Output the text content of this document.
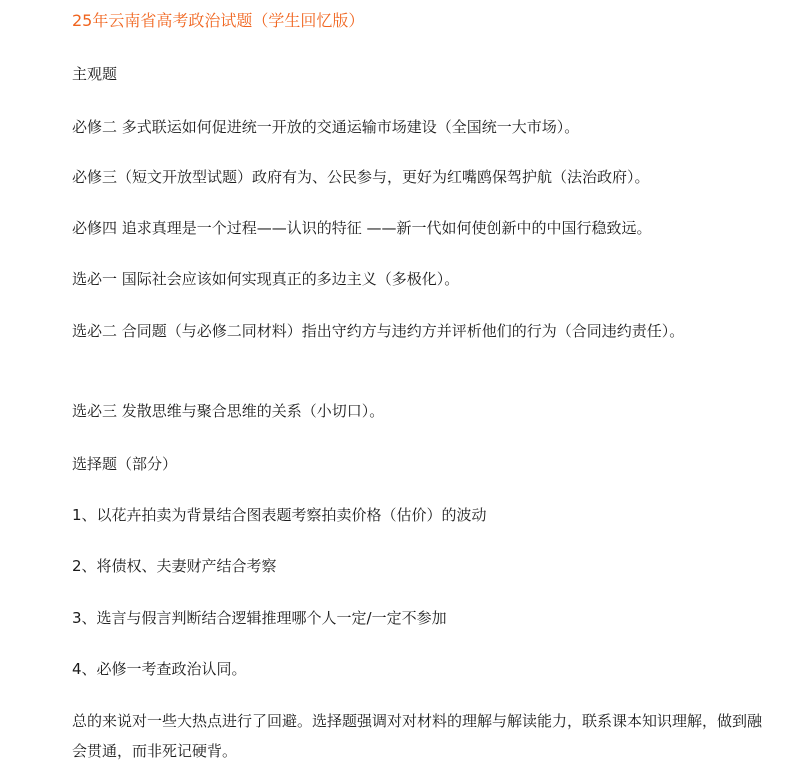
25年云南省高考政治试题（学生回忆版）

主观题

必修二 多式联运如何促进统一开放的交通运输市场建设（全国统一大市场）。

必修三（短文开放型试题）政府有为、公民参与，更好为红嘴鸥保驾护航（法治政府）。

必修四 追求真理是一个过程——认识的特征 ——新一代如何使创新中的中国行稳致远。

选必一 国际社会应该如何实现真正的多边主义（多极化）。

选必二 合同题（与必修二同材料）指出守约方与违约方并评析他们的行为（合同违约责任）。

选必三 发散思维与聚合思维的关系（小切口）。

选择题（部分）

1、以花卉拍卖为背景结合图表题考察拍卖价格（估价）的波动

2、将债权、夫妻财产结合考察

3、选言与假言判断结合逻辑推理哪个人一定/一定不参加

4、必修一考查政治认同。

总的来说对一些大热点进行了回避。选择题强调对对材料的理解与解读能力，联系课本知识理解，做到融会贯通，而非死记硬背。
